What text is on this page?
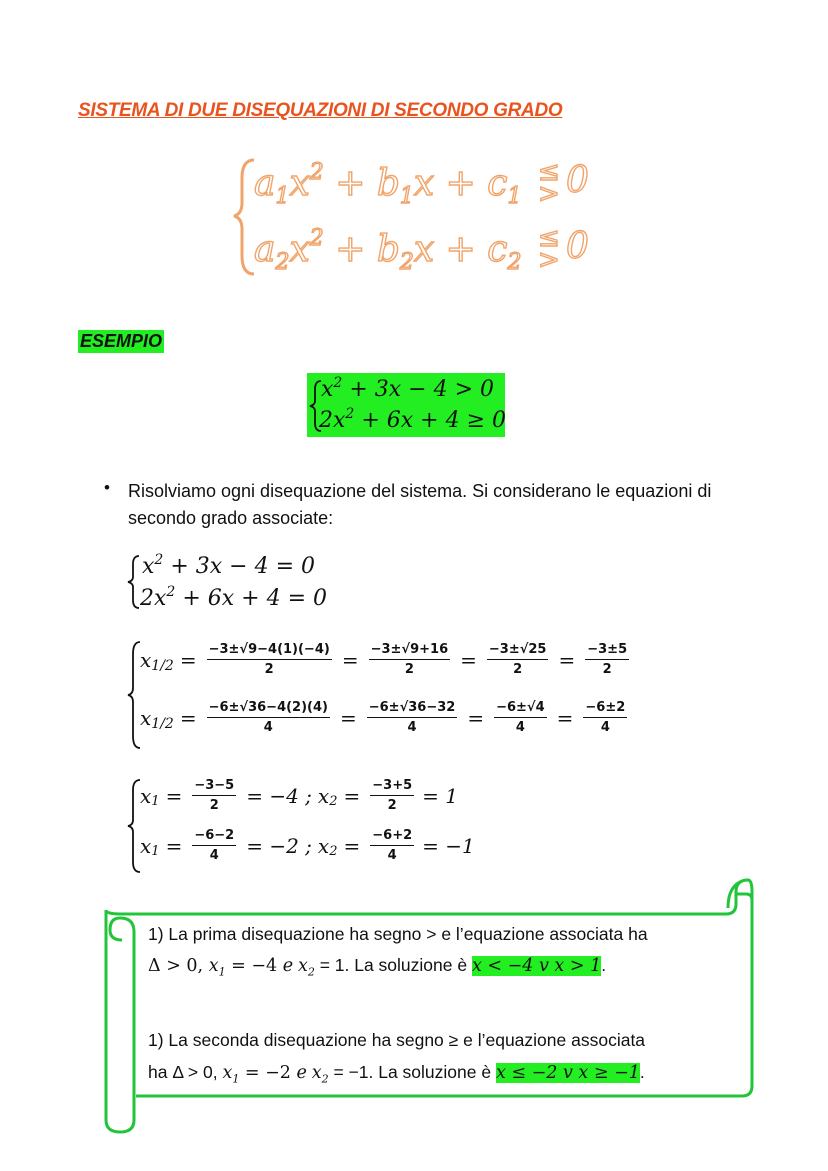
SISTEMA DI DUE DISEQUAZIONI DI SECONDO GRADO
$a_1x^2 + b_1x + c_1$
≤
> 0
$a_2x^2 + b_2x + c_2$
≤
> 0
ESEMPIO
$x^2 + 3x - 4 > 0$
$2x^2 + 6x + 4 \ge 0$
• Risolviamo ogni disequazione del sistema. Si considerano le equazioni di secondo grado associate:
$x^2 + 3x - 4 = 0$
$2x^2 + 6x + 4 = 0$
x $1/2 = \frac{-3\pm√9-4(1)(-4)}{2} = \frac{-3\pm√9+16}{2} = \frac{-3\pm√25}{2} = \frac{-3\pm 5}{2}$
x $1/2 = \frac{-6\pm√36-4(2)(4)}{4} = \frac{-6\pm√36-32}{4} = \frac{-6\pm√4}{4} = \frac{-6\pm 2}{4}$
x $1 = \frac{-3-5}{2} = -4$ ; x $2 = \frac{-3+5}{2} = 1$
x $1 = \frac{-6-2}{4} = -2$ ; x $2 = \frac{-6+2}{4} = -1$
1) La prima disequazione ha segno > e l’equazione associata ha
Δ > 0, $x_1 = -4$ e $x_2 = 1$. La soluzione è x < −4 v x > 1.
1) La seconda disequazione ha segno ≥ e l’equazione associata
ha Δ > 0, $x_1 = -2$ e $x_2 = -1$. La soluzione è x ≤ −2 v x ≥ −1.
